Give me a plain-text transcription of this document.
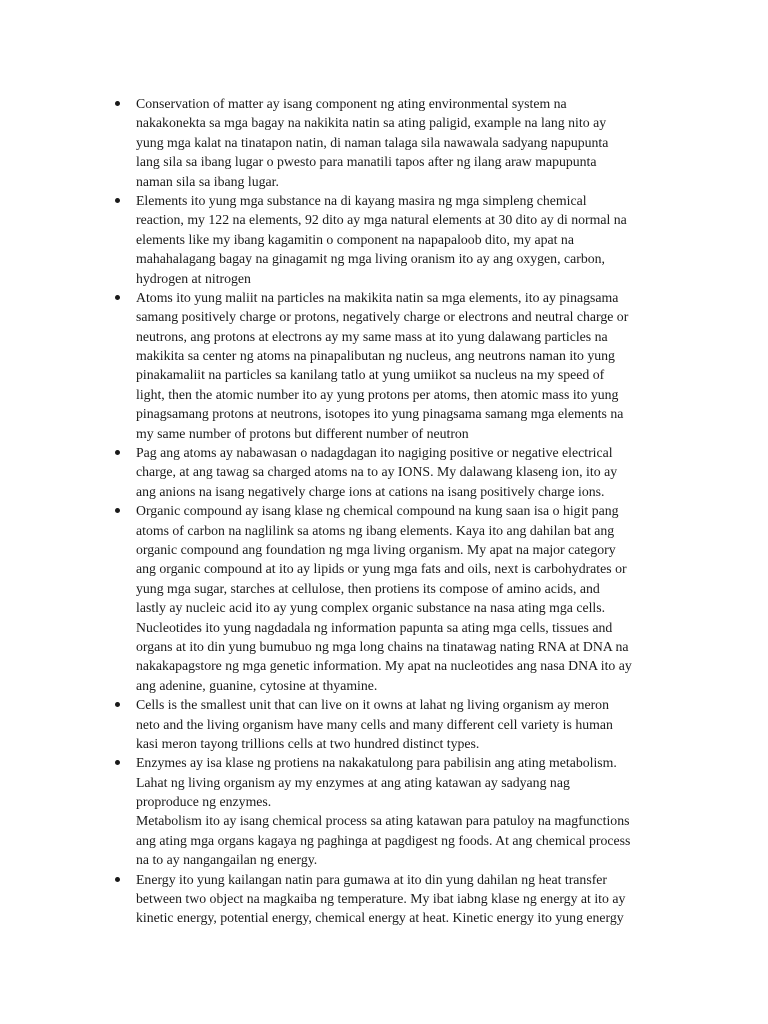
Conservation of matter ay isang component ng ating environmental system na
nakakonekta sa mga bagay na nakikita natin sa ating paligid, example na lang nito ay
yung mga kalat na tinatapon natin, di naman talaga sila nawawala sadyang napupunta
lang sila sa ibang lugar o pwesto para manatili tapos after ng ilang araw mapupunta
naman sila sa ibang lugar.
Elements ito yung mga substance na di kayang masira ng mga simpleng chemical
reaction, my 122 na elements, 92 dito ay mga natural elements at 30 dito ay di normal na
elements like my ibang kagamitin o component na napapaloob dito, my apat na
mahahalagang bagay na ginagamit ng mga living oranism ito ay ang oxygen, carbon,
hydrogen at nitrogen
Atoms ito yung maliit na particles na makikita natin sa mga elements, ito ay pinagsama
samang positively charge or protons, negatively charge or electrons and neutral charge or
neutrons, ang protons at electrons ay my same mass at ito yung dalawang particles na
makikita sa center ng atoms na pinapalibutan ng nucleus, ang neutrons naman ito yung
pinakamaliit na particles sa kanilang tatlo at yung umiikot sa nucleus na my speed of
light, then the atomic number ito ay yung protons per atoms, then atomic mass ito yung
pinagsamang protons at neutrons, isotopes ito yung pinagsama samang mga elements na
my same number of protons but different number of neutron
Pag ang atoms ay nabawasan o nadagdagan ito nagiging positive or negative electrical
charge, at ang tawag sa charged atoms na to ay IONS. My dalawang klaseng ion, ito ay
ang anions na isang negatively charge ions at cations na isang positively charge ions.
Organic compound ay isang klase ng chemical compound na kung saan isa o higit pang
atoms of carbon na naglilink sa atoms ng ibang elements. Kaya ito ang dahilan bat ang
organic compound ang foundation ng mga living organism. My apat na major category
ang organic compound at ito ay lipids or yung mga fats and oils, next is carbohydrates or
yung mga sugar, starches at cellulose, then protiens its compose of amino acids, and
lastly ay nucleic acid ito ay yung complex organic substance na nasa ating mga cells.
Nucleotides ito yung nagdadala ng information papunta sa ating mga cells, tissues and
organs at ito din yung bumubuo ng mga long chains na tinatawag nating RNA at DNA na
nakakapagstore ng mga genetic information. My apat na nucleotides ang nasa DNA ito ay
ang adenine, guanine, cytosine at thyamine.
Cells is the smallest unit that can live on it owns at lahat ng living organism ay meron
neto and the living organism have many cells and many different cell variety is human
kasi meron tayong trillions cells at two hundred distinct types.
Enzymes ay isa klase ng protiens na nakakatulong para pabilisin ang ating metabolism.
Lahat ng living organism ay my enzymes at ang ating katawan ay sadyang nag
proproduce ng enzymes.
Metabolism ito ay isang chemical process sa ating katawan para patuloy na magfunctions
ang ating mga organs kagaya ng paghinga at pagdigest ng foods. At ang chemical process
na to ay nangangailan ng energy.
Energy ito yung kailangan natin para gumawa at ito din yung dahilan ng heat transfer
between two object na magkaiba ng temperature. My ibat iabng klase ng energy at ito ay
kinetic energy, potential energy, chemical energy at heat. Kinetic energy ito yung energy
